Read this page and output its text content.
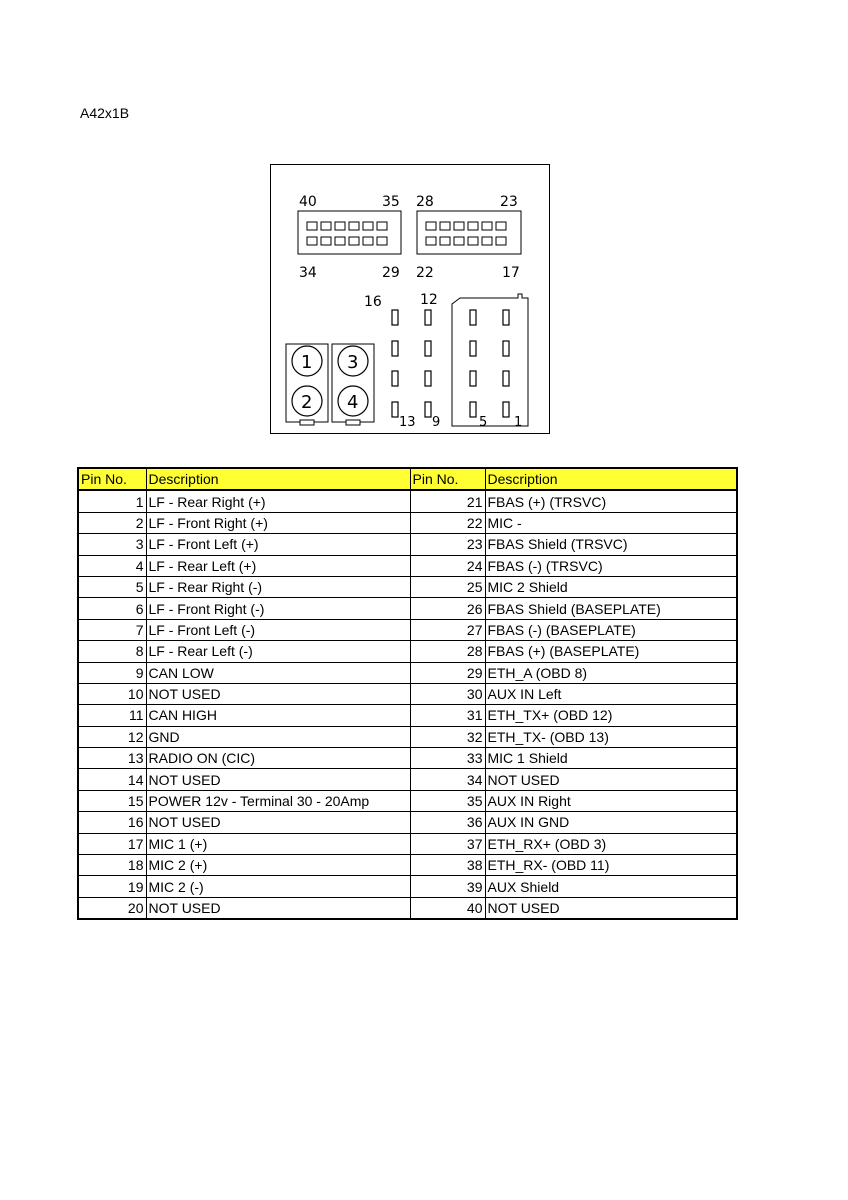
A42x1B
40	35 28	23
34	29 22	17
16	12
1
2
3
4
13 9	5 1
Pin No.	Description	Pin No.	Description
1	LF - Rear Right (+)	21	FBAS (+) (TRSVC)
2	LF - Front Right (+)	22	MIC -
3	LF - Front Left (+)	23	FBAS Shield (TRSVC)
4	LF - Rear Left (+)	24	FBAS (-) (TRSVC)
5	LF - Rear Right (-)	25	MIC 2 Shield
6	LF - Front Right (-)	26	FBAS Shield (BASEPLATE)
7	LF - Front Left (-)	27	FBAS (-) (BASEPLATE)
8	LF - Rear Left (-)	28	FBAS (+) (BASEPLATE)
9	CAN LOW	29	ETH_A (OBD 8)
10	NOT USED	30	AUX IN Left
11	CAN HIGH	31	ETH_TX+ (OBD 12)
12	GND	32	ETH_TX- (OBD 13)
13	RADIO ON (CIC)	33	MIC 1 Shield
14	NOT USED	34	NOT USED
15	POWER 12v - Terminal 30 - 20Amp	35	AUX IN Right
16	NOT USED	36	AUX IN GND
17	MIC 1 (+)	37	ETH_RX+ (OBD 3)
18	MIC 2 (+)	38	ETH_RX- (OBD 11)
19	MIC 2 (-)	39	AUX Shield
20	NOT USED	40	NOT USED
